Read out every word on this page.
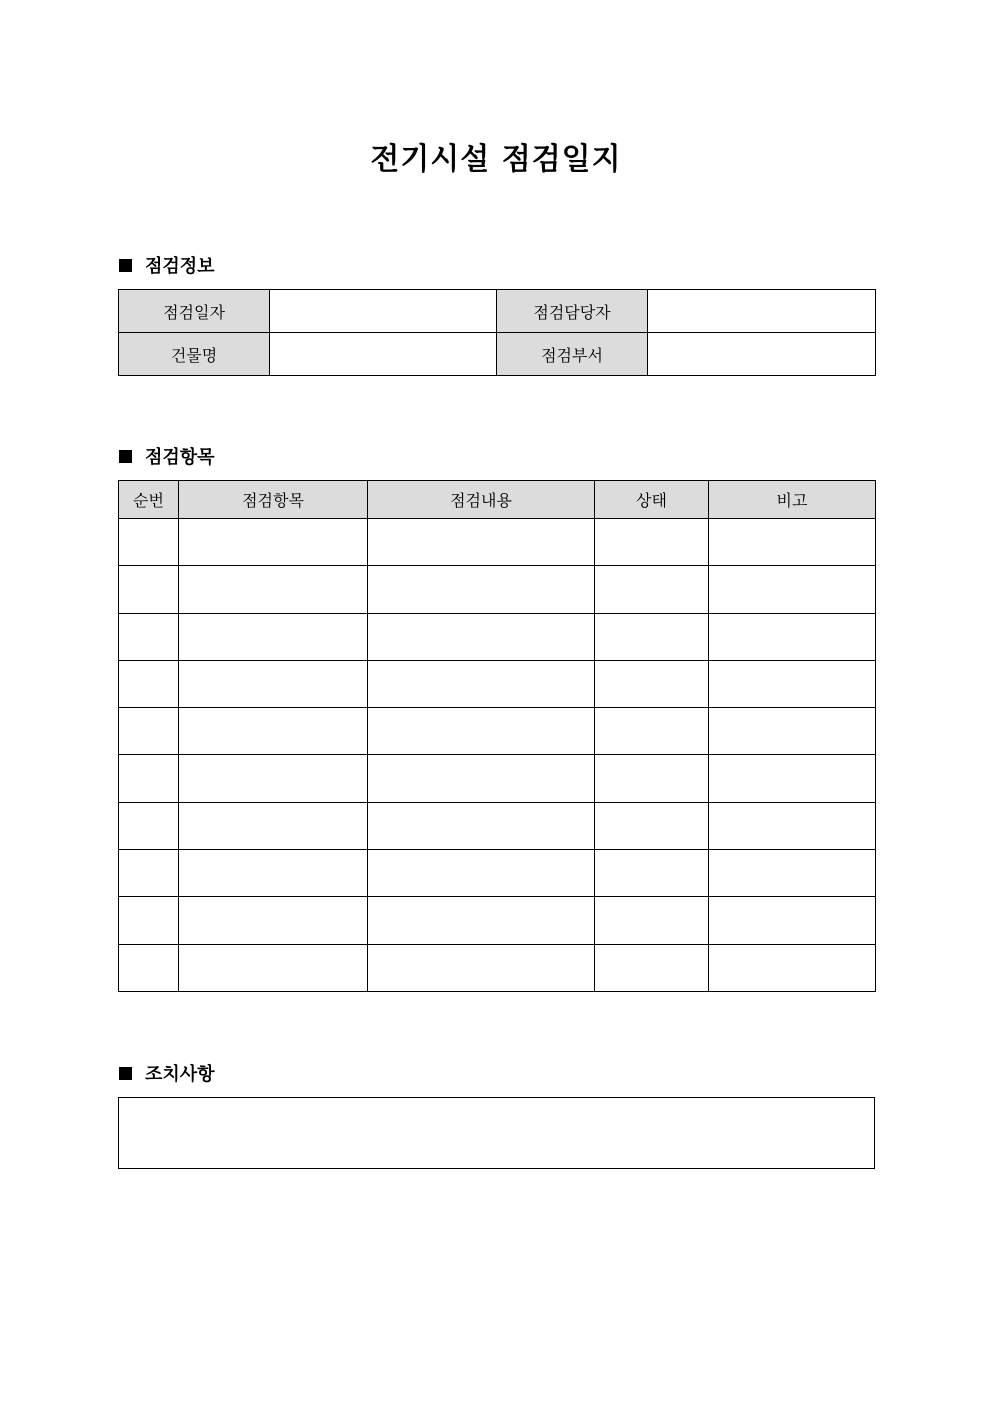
전기시설 점검일지
점검정보
점검일자		점검담당자	
건물명		점검부서	
점검항목
순번	점검항목	점검내용	상태	비고

조치사항
